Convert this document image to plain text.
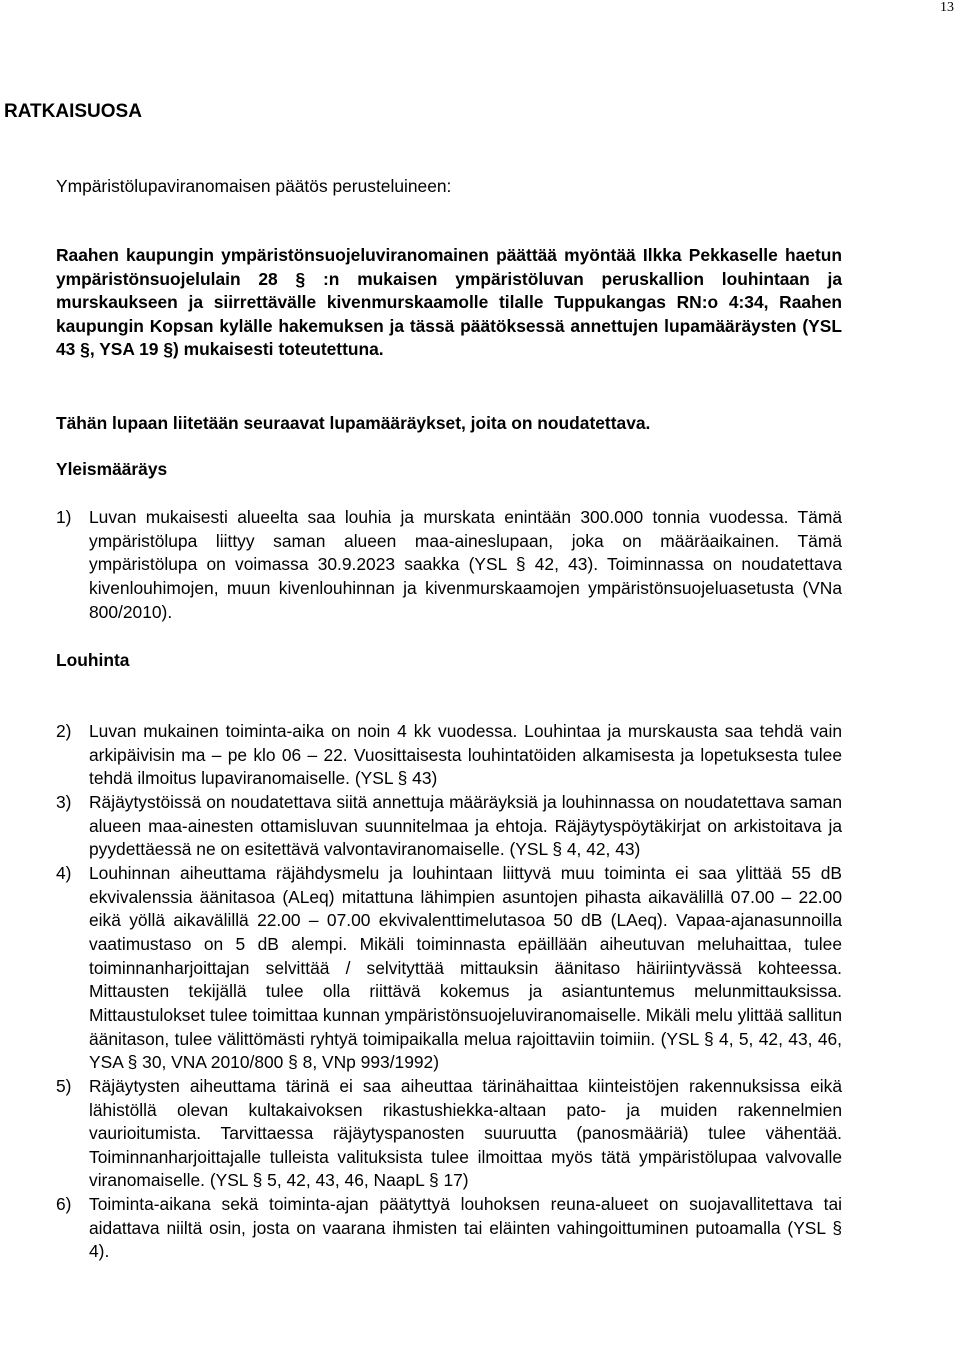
13
RATKAISUOSA
Ympäristölupaviranomaisen päätös perusteluineen:
Raahen kaupungin ympäristönsuojeluviranomainen päättää myöntää Ilkka Pekkaselle haetun ympäristönsuojelulain 28 § :n mukaisen ympäristöluvan peruskallion louhintaan ja murskaukseen ja siirrettävälle kivenmurskaamolle tilalle Tuppukangas RN:o 4:34, Raahen kaupungin Kopsan kylälle hakemuksen ja tässä päätöksessä annettujen lupamääräysten (YSL 43 §, YSA 19 §) mukaisesti toteutettuna.
Tähän lupaan liitetään seuraavat lupamääräykset, joita on noudatettava.
Yleismääräys
1)	Luvan mukaisesti alueelta saa louhia ja murskata enintään 300.000 tonnia vuodessa. Tämä ympäristölupa liittyy saman alueen maa-aineslupaan, joka on määräaikainen. Tämä ympäristölupa on voimassa 30.9.2023 saakka (YSL § 42, 43). Toiminnassa on noudatettava kivenlouhimojen, muun kivenlouhinnan ja kivenmurskaamojen ympäristönsuojeluasetusta (VNa 800/2010).
Louhinta
2)	Luvan mukainen toiminta-aika on noin 4 kk vuodessa. Louhintaa ja murskausta saa tehdä vain arkipäivisin ma – pe klo 06 – 22. Vuosittaisesta louhintatöiden alkamisesta ja lopetuksesta tulee tehdä ilmoitus lupaviranomaiselle. (YSL § 43)
3)	Räjäytystöissä on noudatettava siitä annettuja määräyksiä ja louhinnassa on noudatettava saman alueen maa-ainesten ottamisluvan suunnitelmaa ja ehtoja. Räjäytyspöytäkirjat on arkistoitava ja pyydettäessä ne on esitettävä valvontaviranomaiselle. (YSL § 4, 42, 43)
4)	Louhinnan aiheuttama räjähdysmelu ja louhintaan liittyvä muu toiminta ei saa ylittää 55 dB ekvivalenssia äänitasoa (ALeq) mitattuna lähimpien asuntojen pihasta aikavälillä 07.00 – 22.00 eikä yöllä aikavälillä 22.00 – 07.00 ekvivalenttimelutasoa 50 dB (LAeq). Vapaa-ajanasunnoilla vaatimustaso on 5 dB alempi. Mikäli toiminnasta epäillään aiheutuvan meluhaittaa, tulee toiminnanharjoittajan selvittää / selvityttää mittauksin äänitaso häiriintyvässä kohteessa. Mittausten tekijällä tulee olla riittävä kokemus ja asiantuntemus melunmittauksissa. Mittaustulokset tulee toimittaa kunnan ympäristönsuojeluviranomaiselle. Mikäli melu ylittää sallitun äänitason, tulee välittömästi ryhtyä toimipaikalla melua rajoittaviin toimiin. (YSL § 4, 5, 42, 43, 46, YSA § 30, VNA 2010/800 § 8, VNp 993/1992)
5)	Räjäytysten aiheuttama tärinä ei saa aiheuttaa tärinähaittaa kiinteistöjen rakennuksissa eikä lähistöllä olevan kultakaivoksen rikastushiekka-altaan pato- ja muiden rakennelmien vaurioitumista. Tarvittaessa räjäytyspanosten suuruutta (panosmääriä) tulee vähentää. Toiminnanharjoittajalle tulleista valituksista tulee ilmoittaa myös tätä ympäristölupaa valvovalle viranomaiselle. (YSL § 5, 42, 43, 46, NaapL § 17)
6)	Toiminta-aikana sekä toiminta-ajan päätyttyä louhoksen reuna-alueet on suojavallitettava tai aidattava niiltä osin, josta on vaarana ihmisten tai eläinten vahingoittuminen putoamalla (YSL § 4).
